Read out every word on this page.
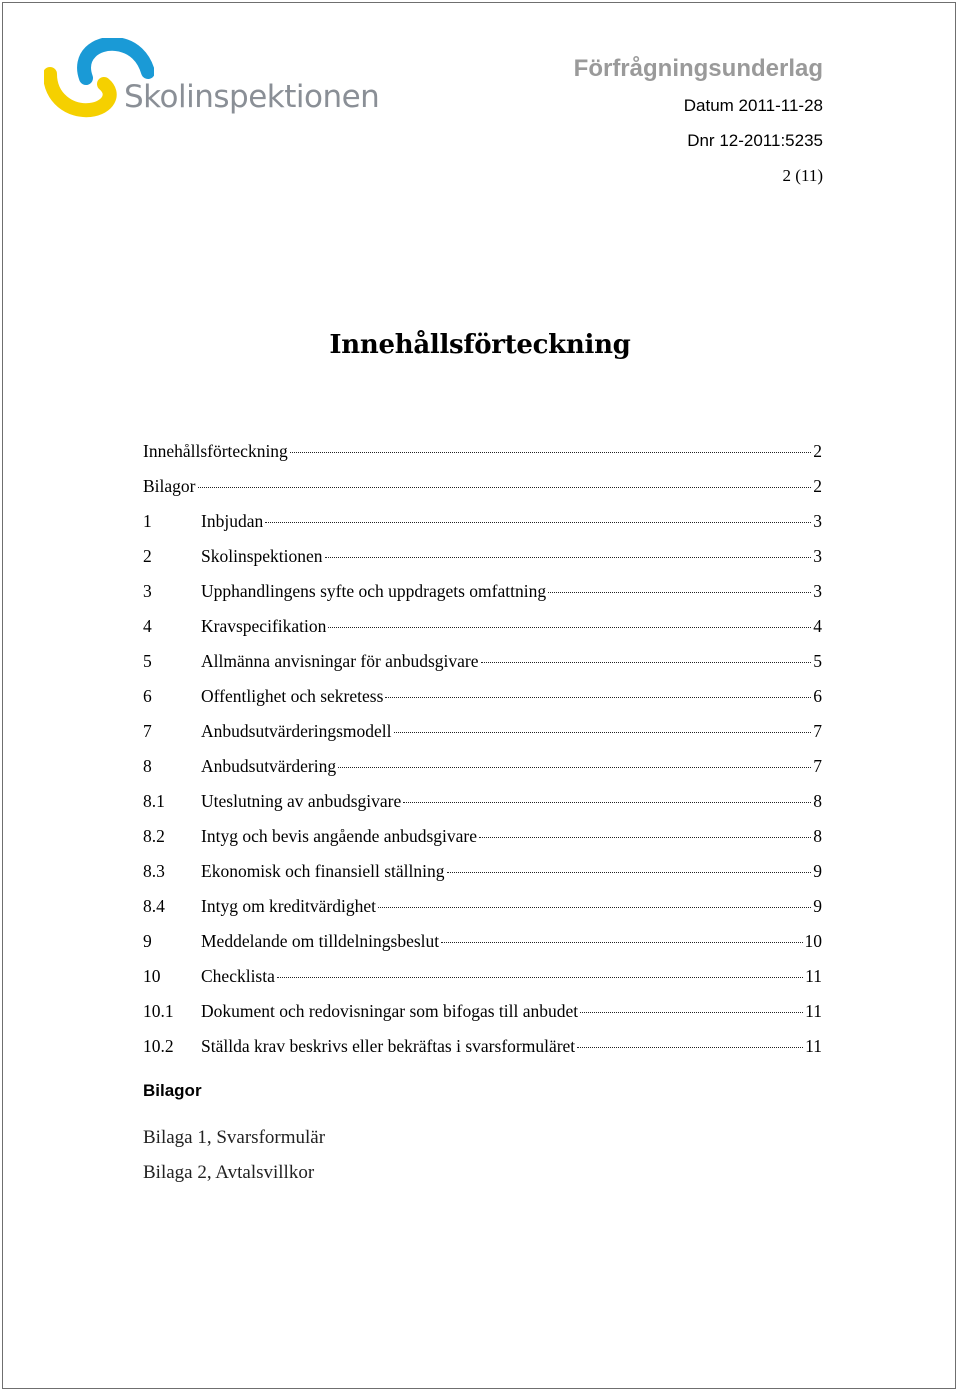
Skolinspektionen
Förfrågningsunderlag
Datum 2011-11-28
Dnr 12-2011:5235
2 (11)
Innehållsförteckning
Innehållsförteckning	2
Bilagor	2
1	Inbjudan	3
2	Skolinspektionen	3
3	Upphandlingens syfte och uppdragets omfattning	3
4	Kravspecifikation	4
5	Allmänna anvisningar för anbudsgivare	5
6	Offentlighet och sekretess	6
7	Anbudsutvärderingsmodell	7
8	Anbudsutvärdering	7
8.1	Uteslutning av anbudsgivare	8
8.2	Intyg och bevis angående anbudsgivare	8
8.3	Ekonomisk och finansiell ställning	9
8.4	Intyg om kreditvärdighet	9
9	Meddelande om tilldelningsbeslut	10
10	Checklista	11
10.1	Dokument och redovisningar som bifogas till anbudet	11
10.2	Ställda krav beskrivs eller bekräftas i svarsformuläret	11
Bilagor
Bilaga 1, Svarsformulär
Bilaga 2, Avtalsvillkor
